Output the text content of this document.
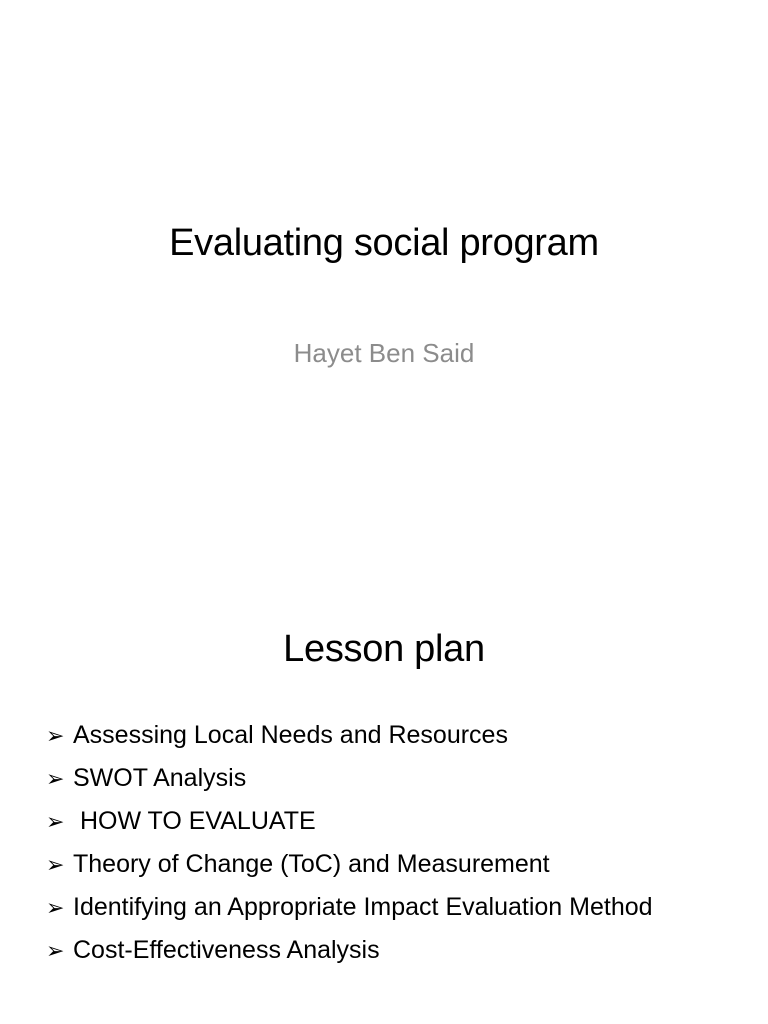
Evaluating social program
Hayet Ben Said
Lesson plan
➢ Assessing Local Needs and Resources
➢ SWOT Analysis
➢ HOW TO EVALUATE
➢ Theory of Change (ToC) and Measurement
➢ Identifying an Appropriate Impact Evaluation Method
➢ Cost-Effectiveness Analysis
